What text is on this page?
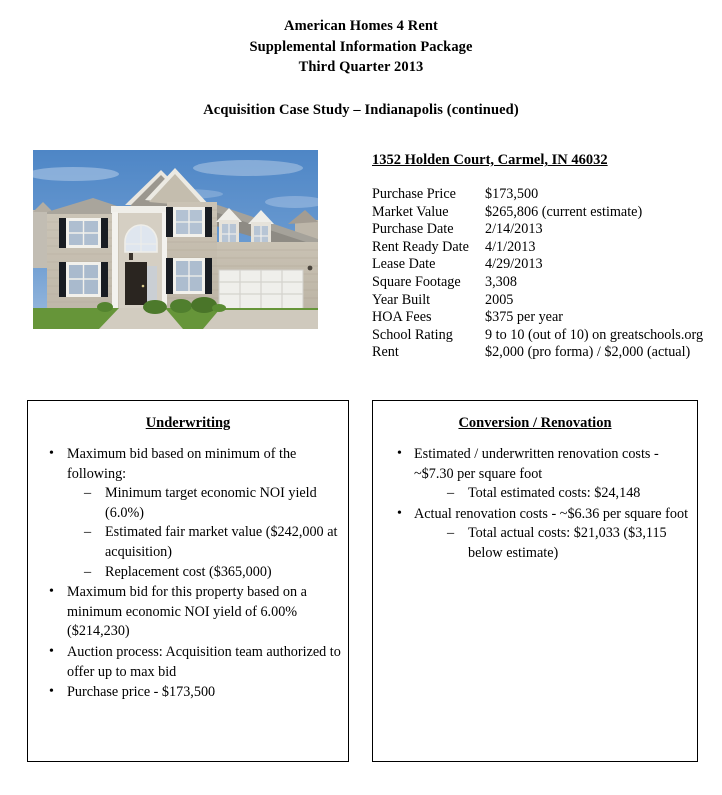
American Homes 4 Rent
Supplemental Information Package
Third Quarter 2013
Acquisition Case Study – Indianapolis (continued)
1352 Holden Court, Carmel, IN 46032
Purchase Price	$173,500
Market Value	$265,806 (current estimate)
Purchase Date	2/14/2013
Rent Ready Date	4/1/2013
Lease Date	4/29/2013
Square Footage	3,308
Year Built	2005
HOA Fees	$375 per year
School Rating	9 to 10 (out of 10) on greatschools.org
Rent	$2,000 (pro forma) / $2,000 (actual)
Underwriting
• Maximum bid based on minimum of the following:
– Minimum target economic NOI yield (6.0%)
– Estimated fair market value ($242,000 at acquisition)
– Replacement cost ($365,000)
• Maximum bid for this property based on a minimum economic NOI yield of 6.00% ($214,230)
• Auction process: Acquisition team authorized to offer up to max bid
• Purchase price - $173,500
Conversion / Renovation
• Estimated / underwritten renovation costs - ~$7.30 per square foot
– Total estimated costs: $24,148
• Actual renovation costs - ~$6.36 per square foot
– Total actual costs: $21,033 ($3,115 below estimate)
